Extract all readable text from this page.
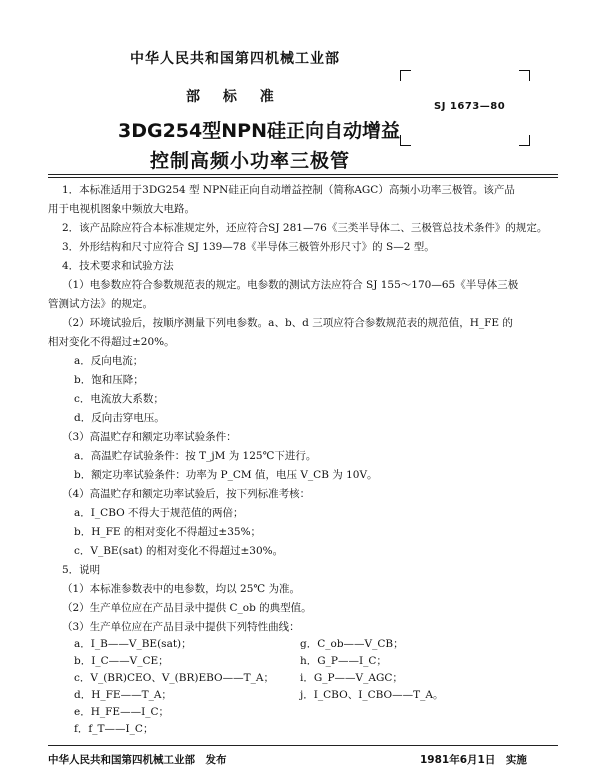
中华人民共和国第四机械工业部
部 标 准
3DG254型NPN硅正向自动增益
控制高频小功率三极管
SJ 1673—80
1．本标准适用于3DG254 型 NPN硅正向自动增益控制（简称AGC）高频小功率三极管。该产品
用于电视机图象中频放大电路。
2．该产品除应符合本标准规定外，还应符合SJ 281—76《三类半导体二、三极管总技术条件》的规定。
3．外形结构和尺寸应符合 SJ 139—78《半导体三极管外形尺寸》的 S—2 型。
4．技术要求和试验方法
（1）电参数应符合参数规范表的规定。电参数的测试方法应符合 SJ 155～170—65《半导体三极
管测试方法》的规定。
（2）环境试验后，按顺序测量下列电参数。a、b、d 三项应符合参数规范表的规范值，H_FE 的
相对变化不得超过±20%。
a．反向电流；
b．饱和压降；
c．电流放大系数；
d．反向击穿电压。
（3）高温贮存和额定功率试验条件：
a．高温贮存试验条件：按 T_jM 为 125℃下进行。
b．额定功率试验条件：功率为 P_CM 值，电压 V_CB 为 10V。
（4）高温贮存和额定功率试验后，按下列标准考核：
a．I_CBO 不得大于规范值的两倍；
b．H_FE 的相对变化不得超过±35%；
c．V_BE(sat) 的相对变化不得超过±30%。
5．说明
（1）本标准参数表中的电参数，均以 25℃ 为准。
（2）生产单位应在产品目录中提供 C_ob 的典型值。
（3）生产单位应在产品目录中提供下列特性曲线：
a．I_B——V_BE(sat)；
b．I_C——V_CE；
c．V_(BR)CEO、V_(BR)EBO——T_A；
d．H_FE——T_A；
e．H_FE——I_C；
f．f_T——I_C；
g．C_ob——V_CB；
h．G_P——I_C；
i．G_P——V_AGC；
j．I_CBO、I_CBO——T_A。
中华人民共和国第四机械工业部　发布	1981年6月1日　实施
